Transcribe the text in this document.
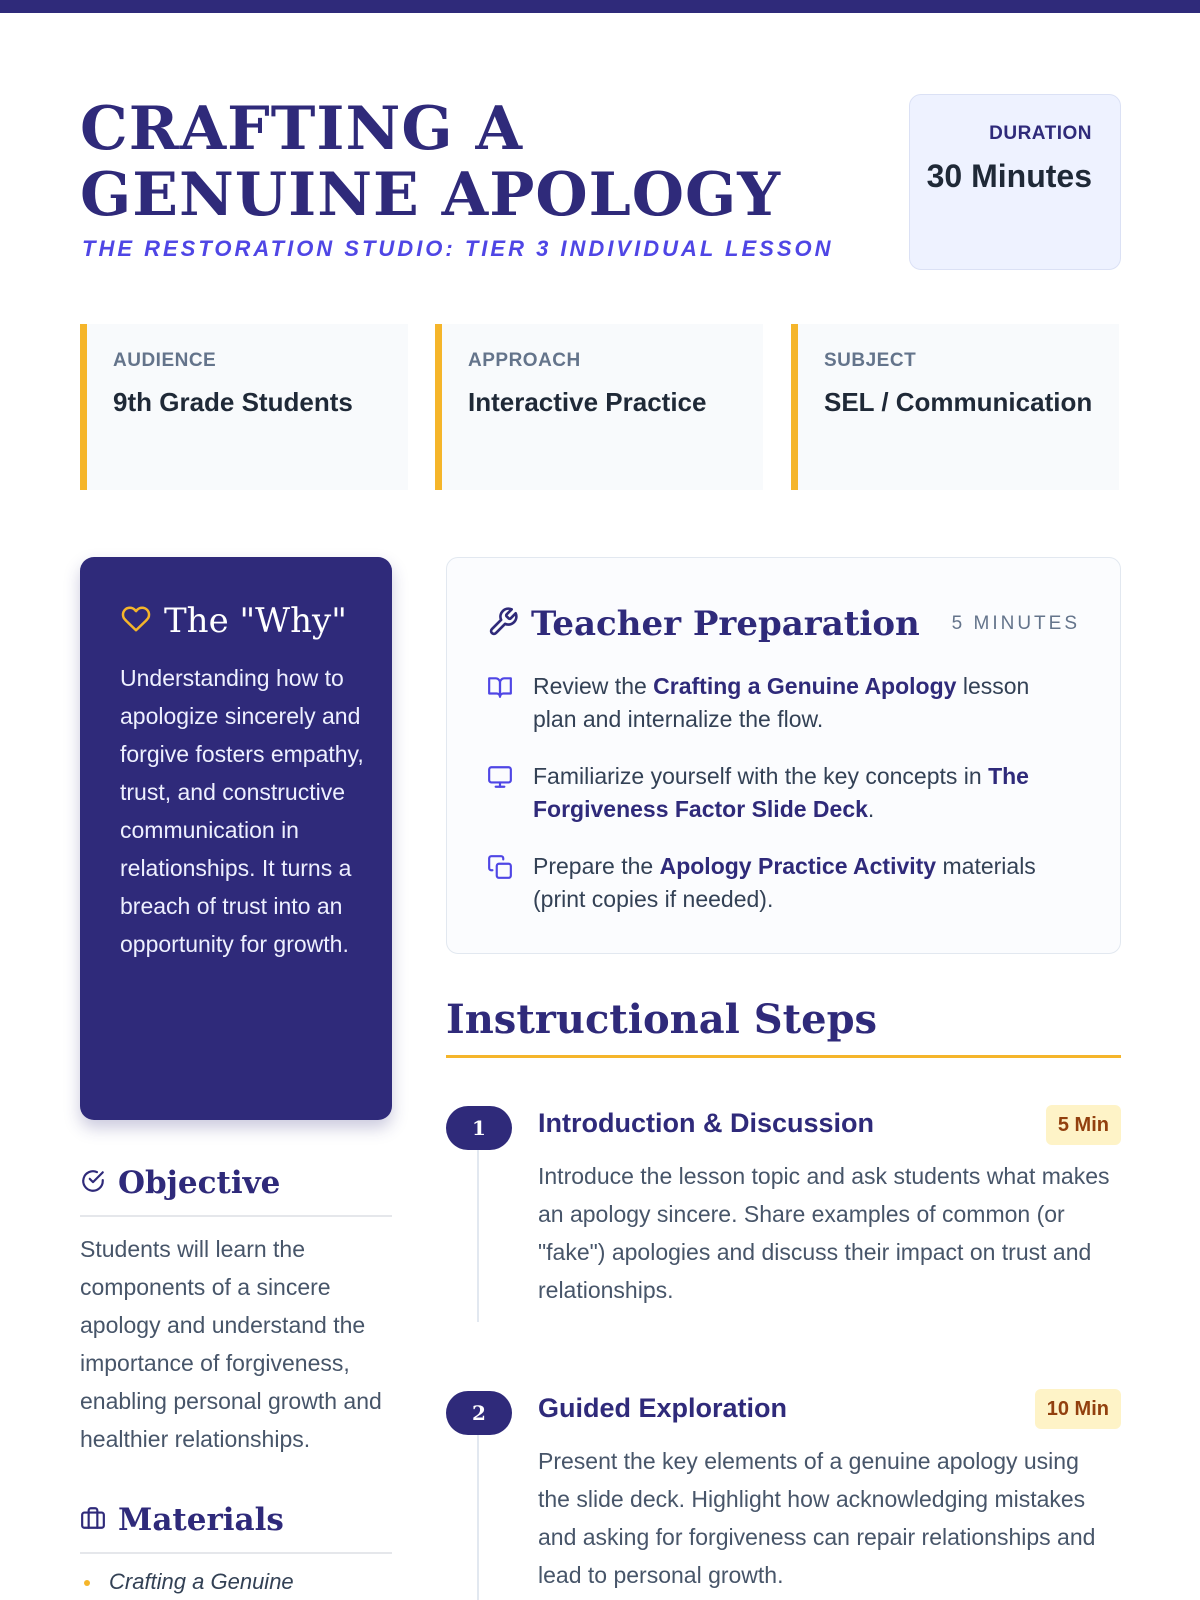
CRAFTING A GENUINE APOLOGY
THE RESTORATION STUDIO: TIER 3 INDIVIDUAL LESSON
DURATION
30 Minutes
AUDIENCE
9th Grade Students
APPROACH
Interactive Practice
SUBJECT
SEL / Communication
The "Why"

Understanding how to apologize sincerely and forgive fosters empathy, trust, and constructive communication in relationships. It turns a breach of trust into an opportunity for growth.

Objective

Students will learn the components of a sincere apology and understand the importance of forgiveness, enabling personal growth and healthier relationships.

Materials
Crafting a Genuine
Teacher Preparation 5 MINUTES
Review the Crafting a Genuine Apology lesson plan and internalize the flow.
Familiarize yourself with the key concepts in The Forgiveness Factor Slide Deck.
Prepare the Apology Practice Activity materials (print copies if needed).
Instructional Steps
1	Introduction & Discussion	5 Min

Introduce the lesson topic and ask students what makes an apology sincere. Share examples of common (or "fake") apologies and discuss their impact on trust and relationships.

2	Guided Exploration	10 Min

Present the key elements of a genuine apology using the slide deck. Highlight how acknowledging mistakes and asking for forgiveness can repair relationships and lead to personal growth.
